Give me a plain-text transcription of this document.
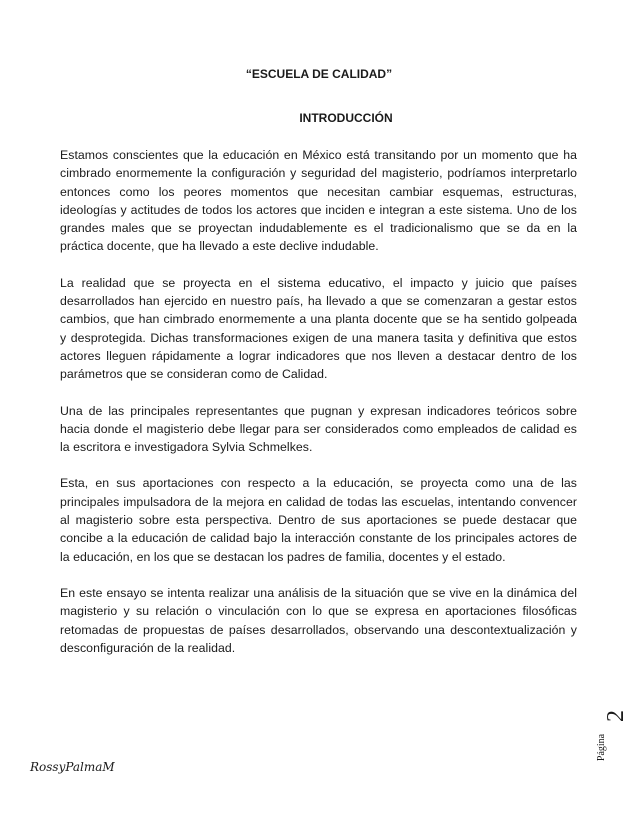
“ESCUELA DE CALIDAD”
INTRODUCCIÓN

Estamos conscientes que la educación en México está transitando por un momento que ha cimbrado enormemente la configuración y seguridad del magisterio, podríamos interpretarlo entonces como los peores momentos que necesitan cambiar esquemas, estructuras, ideologías y actitudes de todos los actores que inciden e integran a este sistema. Uno de los grandes males que se proyectan indudablemente es el tradicionalismo que se da en la práctica docente, que ha llevado a este declive indudable.

La realidad que se proyecta en el sistema educativo, el impacto y juicio que países desarrollados han ejercido en nuestro país, ha llevado a que se comenzaran a gestar estos cambios, que han cimbrado enormemente a una planta docente que se ha sentido golpeada y desprotegida. Dichas transformaciones exigen de una manera tasita y definitiva que estos actores lleguen rápidamente a lograr indicadores que nos lleven a destacar dentro de los parámetros que se consideran como de Calidad.

Una de las principales representantes que pugnan y expresan indicadores teóricos sobre hacia donde el magisterio debe llegar para ser considerados como empleados de calidad es la escritora e investigadora Sylvia Schmelkes.

Esta, en sus aportaciones con respecto a la educación, se proyecta como una de las principales impulsadora de la mejora en calidad de todas las escuelas, intentando convencer al magisterio sobre esta perspectiva. Dentro de sus aportaciones se puede destacar que concibe a la educación de calidad bajo la interacción constante de los principales actores de la educación, en los que se destacan los padres de familia, docentes y el estado.

En este ensayo se intenta realizar una análisis de la situación que se vive en la dinámica del magisterio y su relación o vinculación con lo que se expresa en aportaciones filosóficas retomadas de propuestas de países desarrollados, observando una descontextualización y desconfiguración de la realidad.

2
Página
RossyPalmaM
